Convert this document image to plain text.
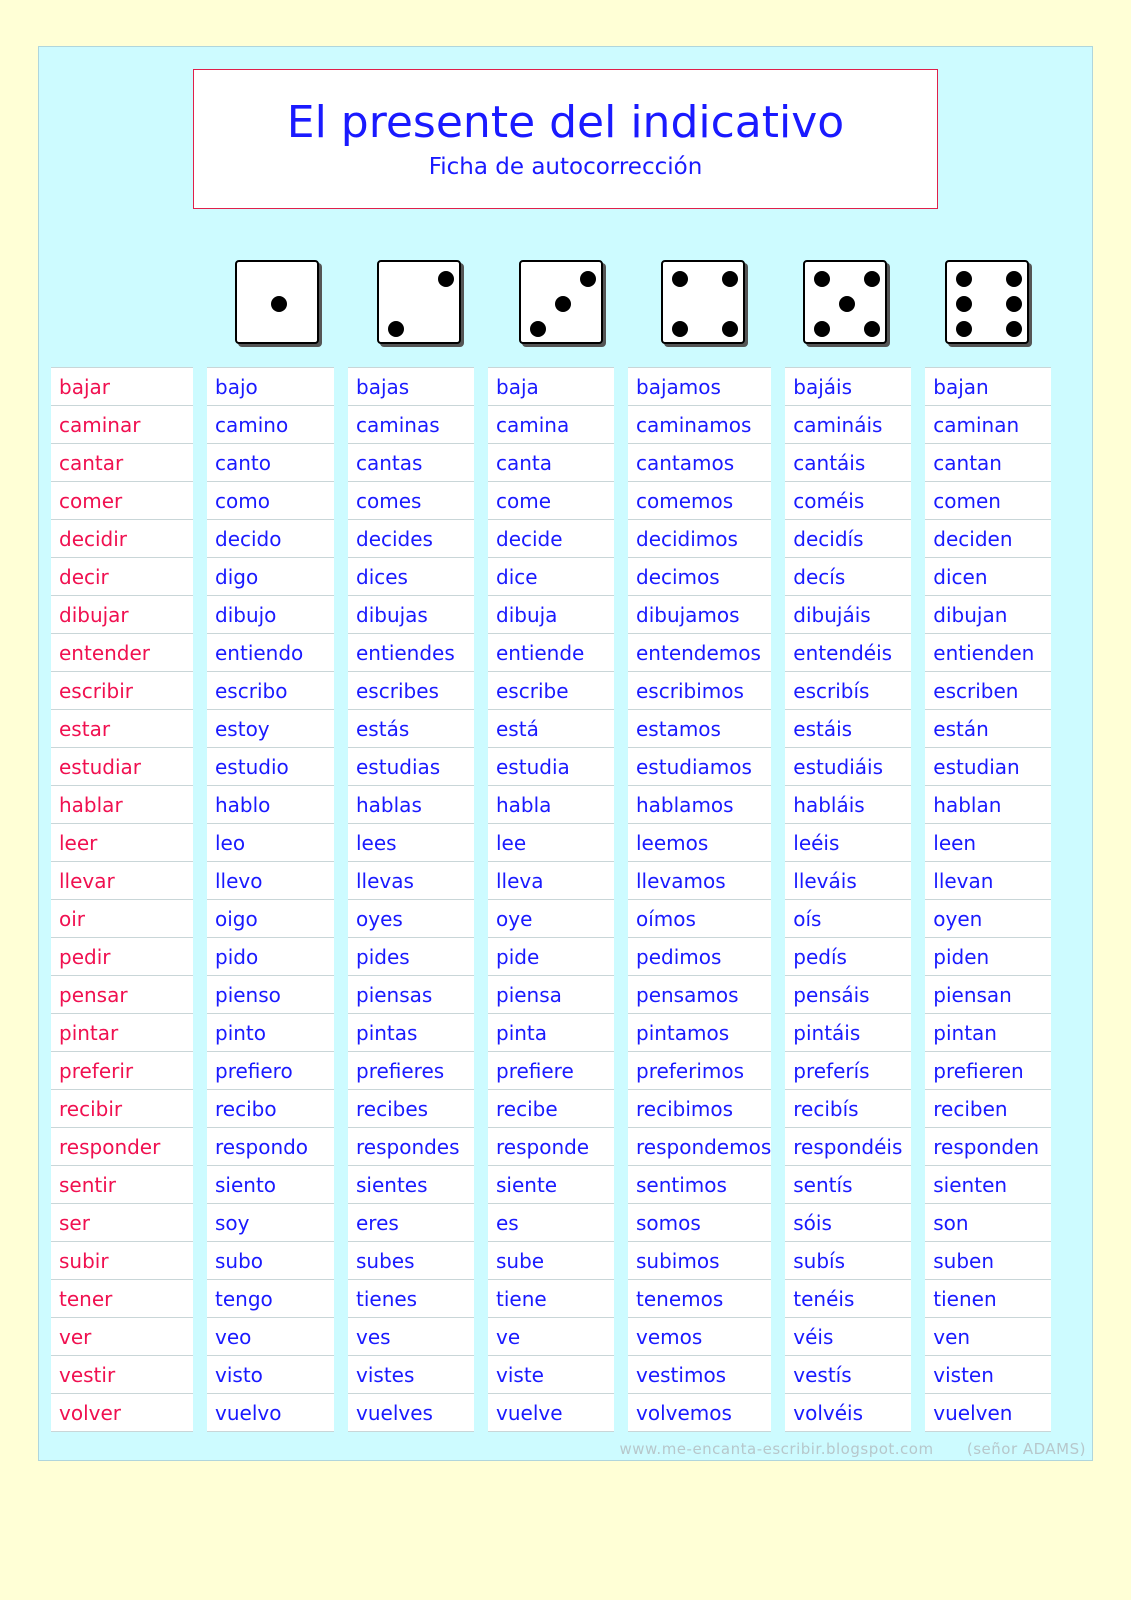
El presente del indicativo
Ficha de autocorrección
bajar		bajo		bajas		baja		bajamos		bajáis		bajan
caminar		camino		caminas		camina		caminamos		camináis		caminan
cantar		canto		cantas		canta		cantamos		cantáis		cantan
comer		como		comes		come		comemos		coméis		comen
decidir		decido		decides		decide		decidimos		decidís		deciden
decir		digo		dices		dice		decimos		decís		dicen
dibujar		dibujo		dibujas		dibuja		dibujamos		dibujáis		dibujan
entender		entiendo		entiendes		entiende		entendemos		entendéis		entienden
escribir		escribo		escribes		escribe		escribimos		escribís		escriben
estar		estoy		estás		está		estamos		estáis		están
estudiar		estudio		estudias		estudia		estudiamos		estudiáis		estudian
hablar		hablo		hablas		habla		hablamos		habláis		hablan
leer		leo		lees		lee		leemos		leéis		leen
llevar		llevo		llevas		lleva		llevamos		lleváis		llevan
oir		oigo		oyes		oye		oímos		oís		oyen
pedir		pido		pides		pide		pedimos		pedís		piden
pensar		pienso		piensas		piensa		pensamos		pensáis		piensan
pintar		pinto		pintas		pinta		pintamos		pintáis		pintan
preferir		prefiero		prefieres		prefiere		preferimos		preferís		prefieren
recibir		recibo		recibes		recibe		recibimos		recibís		reciben
responder		respondo		respondes		responde		respondemos		respondéis		responden
sentir		siento		sientes		siente		sentimos		sentís		sienten
ser		soy		eres		es		somos		sóis		son
subir		subo		subes		sube		subimos		subís		suben
tener		tengo		tienes		tiene		tenemos		tenéis		tienen
ver		veo		ves		ve		vemos		véis		ven
vestir		visto		vistes		viste		vestimos		vestís		visten
volver		vuelvo		vuelves		vuelve		volvemos		volvéis		vuelven
www.me-encanta-escribir.blogspot.com (señor ADAMS)
